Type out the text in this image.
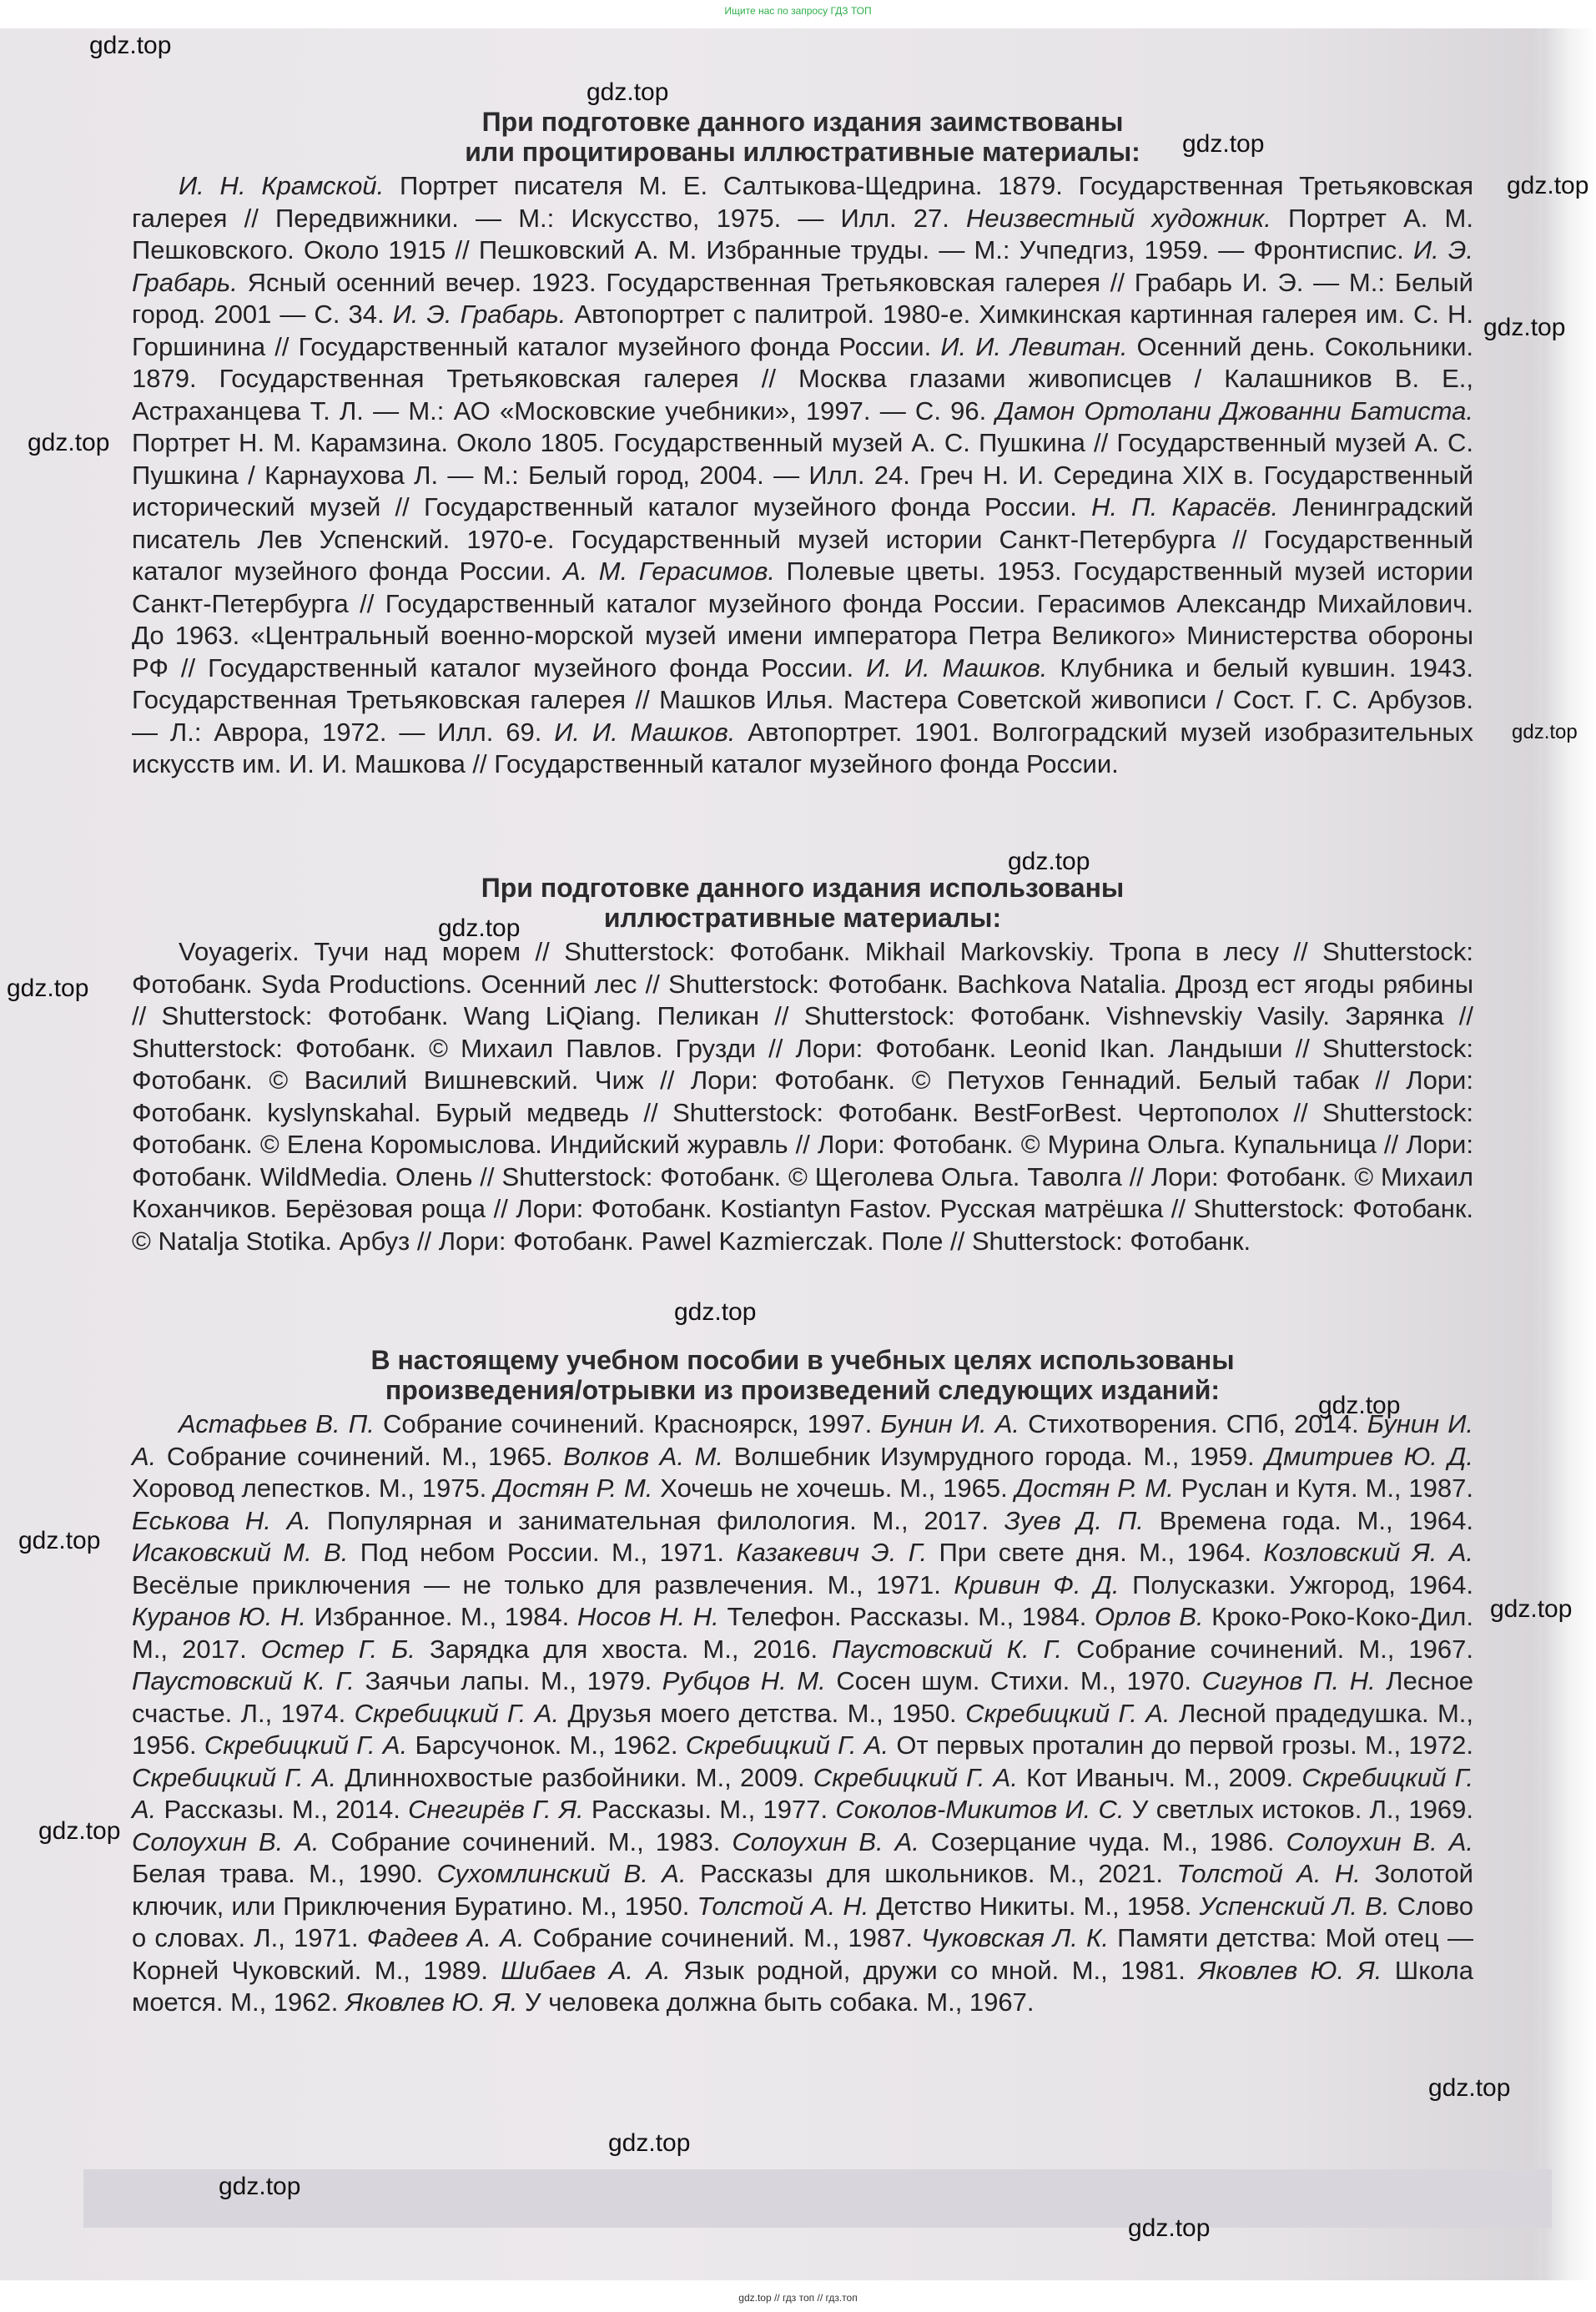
Ищите нас по запросу ГДЗ ТОП
При подготовке данного издания заимствованы
или процитированы иллюстративные материалы:
И. Н. Крамской. Портрет писателя М. Е. Салтыкова-Щедрина. 1879. Государственная Третьяковская галерея // Передвижники. — М.: Искусство, 1975. — Илл. 27. Неизвестный художник. Портрет А. М. Пешковского. Около 1915 // Пешковский А. М. Избранные труды. — М.: Учпедгиз, 1959. — Фронтиспис. И. Э. Грабарь. Ясный осенний вечер. 1923. Государственная Третьяковская галерея // Грабарь И. Э. — М.: Белый город. 2001 — С. 34. И. Э. Грабарь. Автопортрет с палитрой. 1980-е. Химкинская картинная галерея им. С. Н. Горшинина // Государственный каталог музейного фонда России. И. И. Левитан. Осенний день. Сокольники. 1879. Государственная Третьяковская галерея // Москва глазами живописцев / Калашников В. Е., Астраханцева Т. Л. — М.: АО «Московские учебники», 1997. — С. 96. Дамон Ортолани Джованни Батиста. Портрет Н. М. Карамзина. Около 1805. Государственный музей А. С. Пушкина // Государственный музей А. С. Пушкина / Карнаухова Л. — М.: Белый город, 2004. — Илл. 24. Греч Н. И. Середина XIX в. Государственный исторический музей // Государственный каталог музейного фонда России. Н. П. Карасёв. Ленинградский писатель Лев Успенский. 1970-е. Государственный музей истории Санкт-Петербурга // Государственный каталог музейного фонда России. А. М. Герасимов. Полевые цветы. 1953. Государственный музей истории Санкт-Петербурга // Государственный каталог музейного фонда России. Герасимов Александр Михайлович. До 1963. «Центральный военно-морской музей имени императора Петра Великого» Министерства обороны РФ // Государственный каталог музейного фонда России. И. И. Машков. Клубника и белый кувшин. 1943. Государственная Третьяковская галерея // Машков Илья. Мастера Советской живописи / Сост. Г. С. Арбузов. — Л.: Аврора, 1972. — Илл. 69. И. И. Машков. Автопортрет. 1901. Волгоградский музей изобразительных искусств им. И. И. Машкова // Государственный каталог музейного фонда России.
При подготовке данного издания использованы
иллюстративные материалы:
Voyagerix. Тучи над морем // Shutterstock: Фотобанк. Mikhail Markovskiy. Тропа в лесу // Shutterstock: Фотобанк. Syda Productions. Осенний лес // Shutterstock: Фотобанк. Bachkova Natalia. Дрозд ест ягоды рябины // Shutterstock: Фотобанк. Wang LiQiang. Пеликан // Shutterstock: Фотобанк. Vishnevskiy Vasily. Зарянка // Shutterstock: Фотобанк. © Михаил Павлов. Грузди // Лори: Фотобанк. Leonid Ikan. Ландыши // Shutterstock: Фотобанк. © Василий Вишневский. Чиж // Лори: Фотобанк. © Петухов Геннадий. Белый табак // Лори: Фотобанк. kyslynskahal. Бурый медведь // Shutterstock: Фотобанк. BestForBest. Чертополох // Shutterstock: Фотобанк. © Елена Коромыслова. Индийский журавль // Лори: Фотобанк. © Мурина Ольга. Купальница // Лори: Фотобанк. WildMedia. Олень // Shutterstock: Фотобанк. © Щеголева Ольга. Таволга // Лори: Фотобанк. © Михаил Коханчиков. Берёзовая роща // Лори: Фотобанк. Kostiantyn Fastov. Русская матрёшка // Shutterstock: Фотобанк. © Natalja Stotika. Арбуз // Лори: Фотобанк. Pawel Kazmierczak. Поле // Shutterstock: Фотобанк.
В настоящему учебном пособии в учебных целях использованы
произведения/отрывки из произведений следующих изданий:
Астафьев В. П. Собрание сочинений. Красноярск, 1997. Бунин И. А. Стихотворения. СПб, 2014. Бунин И. А. Собрание сочинений. М., 1965. Волков А. М. Волшебник Изумрудного города. М., 1959. Дмитриев Ю. Д. Хоровод лепестков. М., 1975. Достян Р. М. Хочешь не хочешь. М., 1965. Достян Р. М. Руслан и Кутя. М., 1987. Еськова Н. А. Популярная и занимательная филология. М., 2017. Зуев Д. П. Времена года. М., 1964. Исаковский М. В. Под небом России. М., 1971. Казакевич Э. Г. При свете дня. М., 1964. Козловский Я. А. Весёлые приключения — не только для развлечения. М., 1971. Кривин Ф. Д. Полусказки. Ужгород, 1964. Куранов Ю. Н. Избранное. М., 1984. Носов Н. Н. Телефон. Рассказы. М., 1984. Орлов В. Кроко-Роко-Коко-Дил. М., 2017. Остер Г. Б. Зарядка для хвоста. М., 2016. Паустовский К. Г. Собрание сочинений. М., 1967. Паустовский К. Г. Заячьи лапы. М., 1979. Рубцов Н. М. Сосен шум. Стихи. М., 1970. Сигунов П. Н. Лесное счастье. Л., 1974. Скребицкий Г. А. Друзья моего детства. М., 1950. Скребицкий Г. А. Лесной прадедушка. М., 1956. Скребицкий Г. А. Барсучонок. М., 1962. Скребицкий Г. А. От первых проталин до первой грозы. М., 1972. Скребицкий Г. А. Длиннохвостые разбойники. М., 2009. Скребицкий Г. А. Кот Иваныч. М., 2009. Скребицкий Г. А. Рассказы. М., 2014. Снегирёв Г. Я. Рассказы. М., 1977. Соколов-Микитов И. С. У светлых истоков. Л., 1969. Солоухин В. А. Собрание сочинений. М., 1983. Солоухин В. А. Созерцание чуда. М., 1986. Солоухин В. А. Белая трава. М., 1990. Сухомлинский В. А. Рассказы для школьников. М., 2021. Толстой А. Н. Золотой ключик, или Приключения Буратино. М., 1950. Толстой А. Н. Детство Никиты. М., 1958. Успенский Л. В. Слово о словах. Л., 1971. Фадеев А. А. Собрание сочинений. М., 1987. Чуковская Л. К. Памяти детства: Мой отец — Корней Чуковский. М., 1989. Шибаев А. А. Язык родной, дружи со мной. М., 1981. Яковлев Ю. Я. Школа моется. М., 1962. Яковлев Ю. Я. У человека должна быть собака. М., 1967.
gdz.top
gdz.top
gdz.top
gdz.top
gdz.top
gdz.top
gdz.top
gdz.top
gdz.top
gdz.top
gdz.top
gdz.top
gdz.top
gdz.top
gdz.top
gdz.top
gdz.top
gdz.top
gdz.top
gdz.top // гдз топ // гдз.топ
